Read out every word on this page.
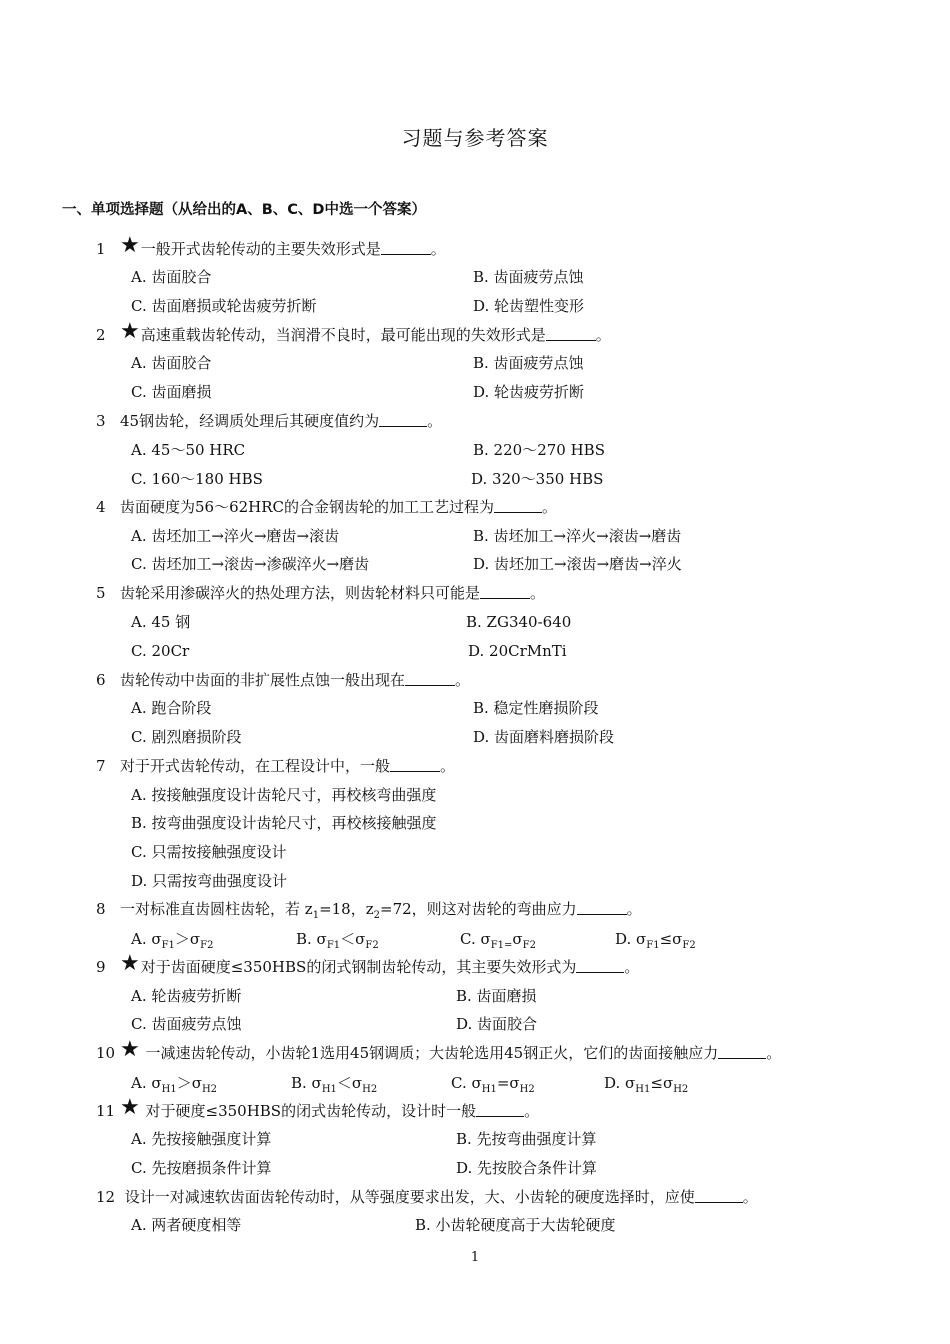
习题与参考答案
一、单项选择题（从给出的A、B、C、D中选一个答案）
1 ★一般开式齿轮传动的主要失效形式是	。
A. 齿面胶合	B. 齿面疲劳点蚀
C. 齿面磨损或轮齿疲劳折断	D. 轮齿塑性变形
2 ★高速重载齿轮传动，当润滑不良时，最可能出现的失效形式是	。
A. 齿面胶合	B. 齿面疲劳点蚀
C. 齿面磨损	D. 轮齿疲劳折断
3 45钢齿轮，经调质处理后其硬度值约为	。
A. 45～50 HRC	B. 220～270 HBS
C. 160～180 HBS	D. 320～350 HBS
4 齿面硬度为56～62HRC的合金钢齿轮的加工工艺过程为	。
A. 齿坯加工→淬火→磨齿→滚齿	B. 齿坯加工→淬火→滚齿→磨齿
C. 齿坯加工→滚齿→渗碳淬火→磨齿	D. 齿坯加工→滚齿→磨齿→淬火
5 齿轮采用渗碳淬火的热处理方法，则齿轮材料只可能是	。
A. 45 钢	B. ZG340-640
C. 20Cr	D. 20CrMnTi
6 齿轮传动中齿面的非扩展性点蚀一般出现在	。
A. 跑合阶段	B. 稳定性磨损阶段
C. 剧烈磨损阶段	D. 齿面磨料磨损阶段
7 对于开式齿轮传动，在工程设计中，一般	。
A. 按接触强度设计齿轮尺寸，再校核弯曲强度
B. 按弯曲强度设计齿轮尺寸，再校核接触强度
C. 只需按接触强度设计
D. 只需按弯曲强度设计
8 一对标准直齿圆柱齿轮，若 $z_1=18$，$z_2=72$，则这对齿轮的弯曲应力	。
A. $\sigma_{F1}>\sigma_{F2}$	B. $\sigma_{F1}<\sigma_{F2}$	C. $\sigma_{F1=}\sigma_{F2}$	D. $\sigma_{F1}\le\sigma_{F2}$
9 ★对于齿面硬度≤350HBS的闭式钢制齿轮传动，其主要失效形式为	。
A. 轮齿疲劳折断	B. 齿面磨损
C. 齿面疲劳点蚀	D. 齿面胶合
10 ★ 一减速齿轮传动，小齿轮1选用45钢调质；大齿轮选用45钢正火，它们的齿面接触应力	。
A. $\sigma_{H1}>\sigma_{H2}$	B. $\sigma_{H1}<\sigma_{H2}$	C. $\sigma_{H1}=\sigma_{H2}$	D. $\sigma_{H1}\le\sigma_{H2}$
11 ★ 对于硬度≤350HBS的闭式齿轮传动，设计时一般	。
A. 先按接触强度计算	B. 先按弯曲强度计算
C. 先按磨损条件计算	D. 先按胶合条件计算
12 设计一对减速软齿面齿轮传动时，从等强度要求出发，大、小齿轮的硬度选择时，应使	。
A. 两者硬度相等	B. 小齿轮硬度高于大齿轮硬度
1
